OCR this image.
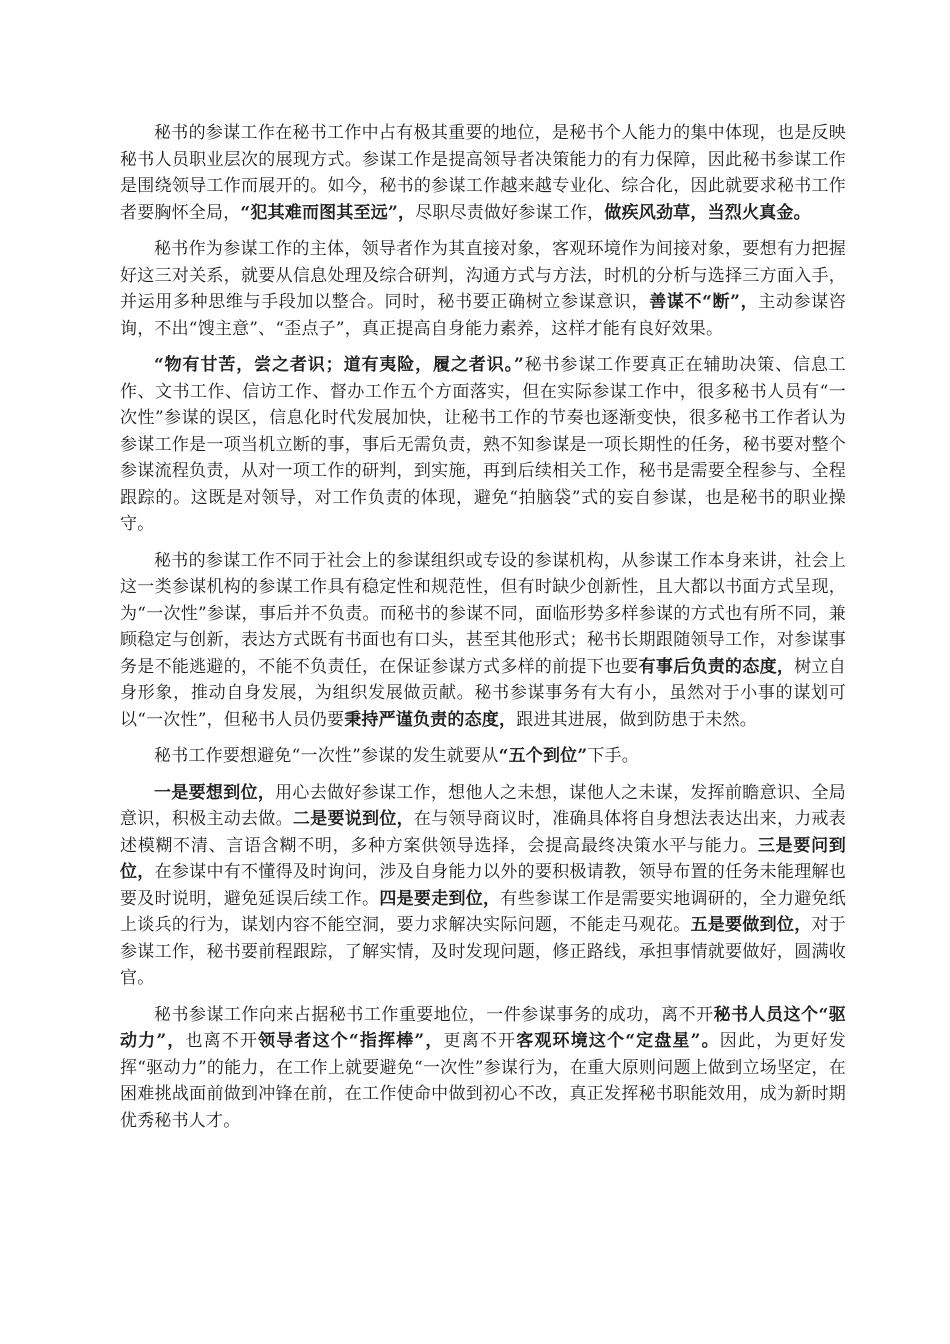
秘书的参谋工作在秘书工作中占有极其重要的地位，是秘书个人能力的集中体现，也是反映秘书人员职业层次的展现方式。参谋工作是提高领导者决策能力的有力保障，因此秘书参谋工作是围绕领导工作而展开的。如今，秘书的参谋工作越来越专业化、综合化，因此就要求秘书工作者要胸怀全局，“犯其难而图其至远”，尽职尽责做好参谋工作，做疾风劲草，当烈火真金。

秘书作为参谋工作的主体，领导者作为其直接对象，客观环境作为间接对象，要想有力把握好这三对关系，就要从信息处理及综合研判，沟通方式与方法，时机的分析与选择三方面入手，并运用多种思维与手段加以整合。同时，秘书要正确树立参谋意识，善谋不“断”，主动参谋咨询，不出“馊主意”、“歪点子”，真正提高自身能力素养，这样才能有良好效果。

“物有甘苦，尝之者识；道有夷险，履之者识。”秘书参谋工作要真正在辅助决策、信息工作、文书工作、信访工作、督办工作五个方面落实，但在实际参谋工作中，很多秘书人员有“一次性”参谋的误区，信息化时代发展加快，让秘书工作的节奏也逐渐变快，很多秘书工作者认为参谋工作是一项当机立断的事，事后无需负责，熟不知参谋是一项长期性的任务，秘书要对整个参谋流程负责，从对一项工作的研判，到实施，再到后续相关工作，秘书是需要全程参与、全程跟踪的。这既是对领导，对工作负责的体现，避免“拍脑袋”式的妄自参谋，也是秘书的职业操守。

秘书的参谋工作不同于社会上的参谋组织或专设的参谋机构，从参谋工作本身来讲，社会上这一类参谋机构的参谋工作具有稳定性和规范性，但有时缺少创新性，且大都以书面方式呈现，为“一次性”参谋，事后并不负责。而秘书的参谋不同，面临形势多样参谋的方式也有所不同，兼顾稳定与创新，表达方式既有书面也有口头，甚至其他形式；秘书长期跟随领导工作，对参谋事务是不能逃避的，不能不负责任，在保证参谋方式多样的前提下也要有事后负责的态度，树立自身形象，推动自身发展，为组织发展做贡献。秘书参谋事务有大有小，虽然对于小事的谋划可以“一次性”，但秘书人员仍要秉持严谨负责的态度，跟进其进展，做到防患于未然。

秘书工作要想避免“一次性”参谋的发生就要从“五个到位”下手。

一是要想到位，用心去做好参谋工作，想他人之未想，谋他人之未谋，发挥前瞻意识、全局意识，积极主动去做。二是要说到位，在与领导商议时，准确具体将自身想法表达出来，力戒表述模糊不清、言语含糊不明，多种方案供领导选择，会提高最终决策水平与能力。三是要问到位，在参谋中有不懂得及时询问，涉及自身能力以外的要积极请教，领导布置的任务未能理解也要及时说明，避免延误后续工作。四是要走到位，有些参谋工作是需要实地调研的，全力避免纸上谈兵的行为，谋划内容不能空洞，要力求解决实际问题，不能走马观花。五是要做到位，对于参谋工作，秘书要前程跟踪，了解实情，及时发现问题，修正路线，承担事情就要做好，圆满收官。

秘书参谋工作向来占据秘书工作重要地位，一件参谋事务的成功，离不开秘书人员这个“驱动力”，也离不开领导者这个“指挥棒”，更离不开客观环境这个“定盘星”。因此，为更好发挥“驱动力”的能力，在工作上就要避免“一次性”参谋行为，在重大原则问题上做到立场坚定，在困难挑战面前做到冲锋在前，在工作使命中做到初心不改，真正发挥秘书职能效用，成为新时期优秀秘书人才。
